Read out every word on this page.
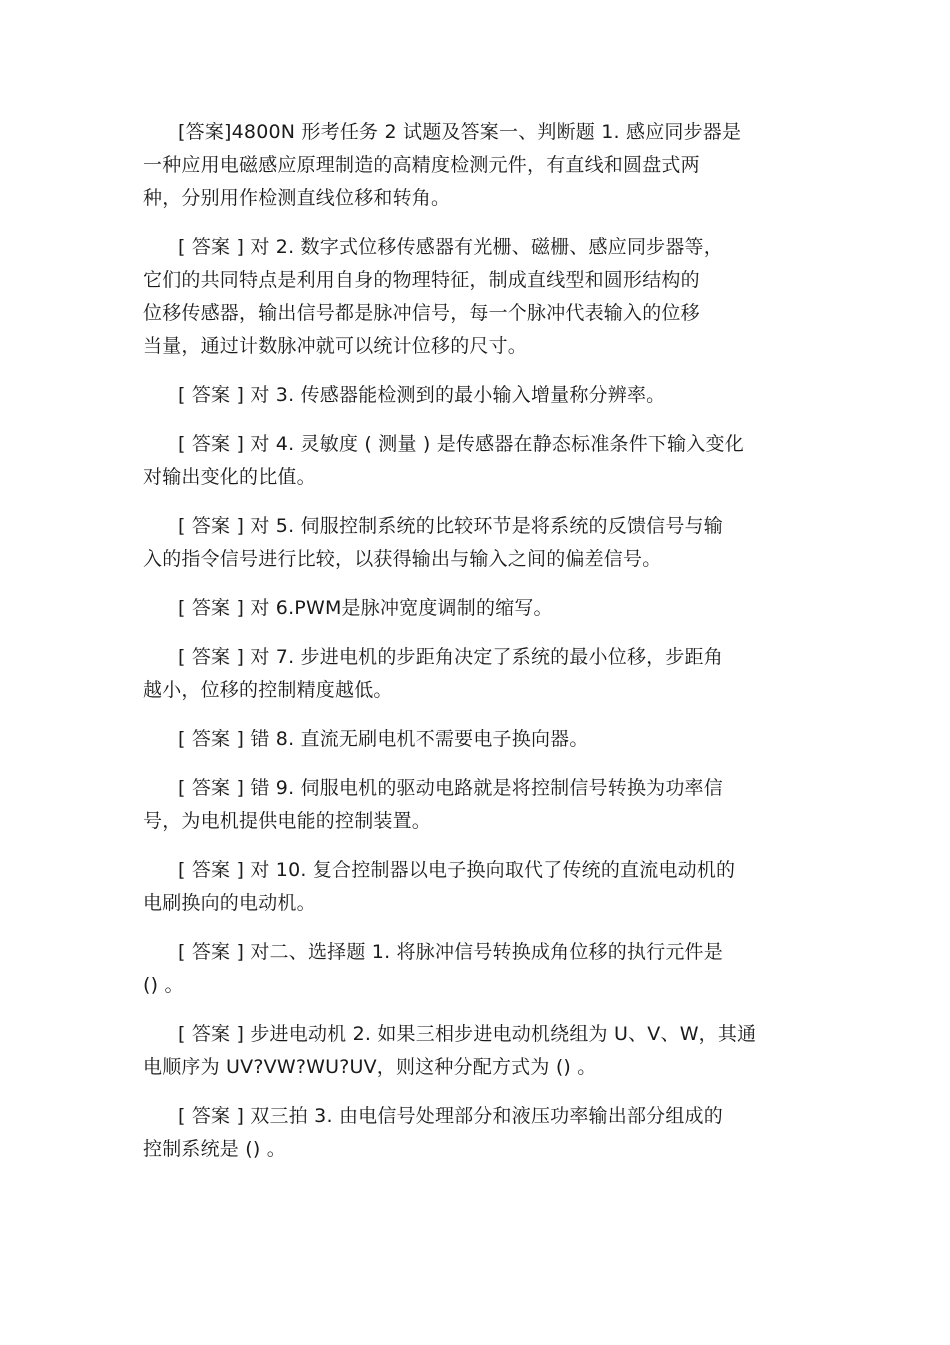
[答案]4800N 形考任务 2 试题及答案一、判断题 1. 感应同步器是
一种应用电磁感应原理制造的高精度检测元件，有直线和圆盘式两
种，分别用作检测直线位移和转角。

[ 答案 ] 对 2. 数字式位移传感器有光栅、磁栅、感应同步器等，
它们的共同特点是利用自身的物理特征，制成直线型和圆形结构的
位移传感器，输出信号都是脉冲信号，每一个脉冲代表输入的位移
当量，通过计数脉冲就可以统计位移的尺寸。

[ 答案 ] 对 3. 传感器能检测到的最小输入增量称分辨率。

[ 答案 ] 对 4. 灵敏度 ( 测量 ) 是传感器在静态标准条件下输入变化
对输出变化的比值。

[ 答案 ] 对 5. 伺服控制系统的比较环节是将系统的反馈信号与输
入的指令信号进行比较，以获得输出与输入之间的偏差信号。

[ 答案 ] 对 6.PWM是脉冲宽度调制的缩写。

[ 答案 ] 对 7. 步进电机的步距角决定了系统的最小位移，步距角
越小，位移的控制精度越低。

[ 答案 ] 错 8. 直流无刷电机不需要电子换向器。

[ 答案 ] 错 9. 伺服电机的驱动电路就是将控制信号转换为功率信
号，为电机提供电能的控制装置。

[ 答案 ] 对 10. 复合控制器以电子换向取代了传统的直流电动机的
电刷换向的电动机。

[ 答案 ] 对二、选择题 1. 将脉冲信号转换成角位移的执行元件是
() 。

[ 答案 ] 步进电动机 2. 如果三相步进电动机绕组为 U、V、W，其通
电顺序为 UV?VW?WU?UV，则这种分配方式为 () 。

[ 答案 ] 双三拍 3. 由电信号处理部分和液压功率输出部分组成的
控制系统是 () 。
